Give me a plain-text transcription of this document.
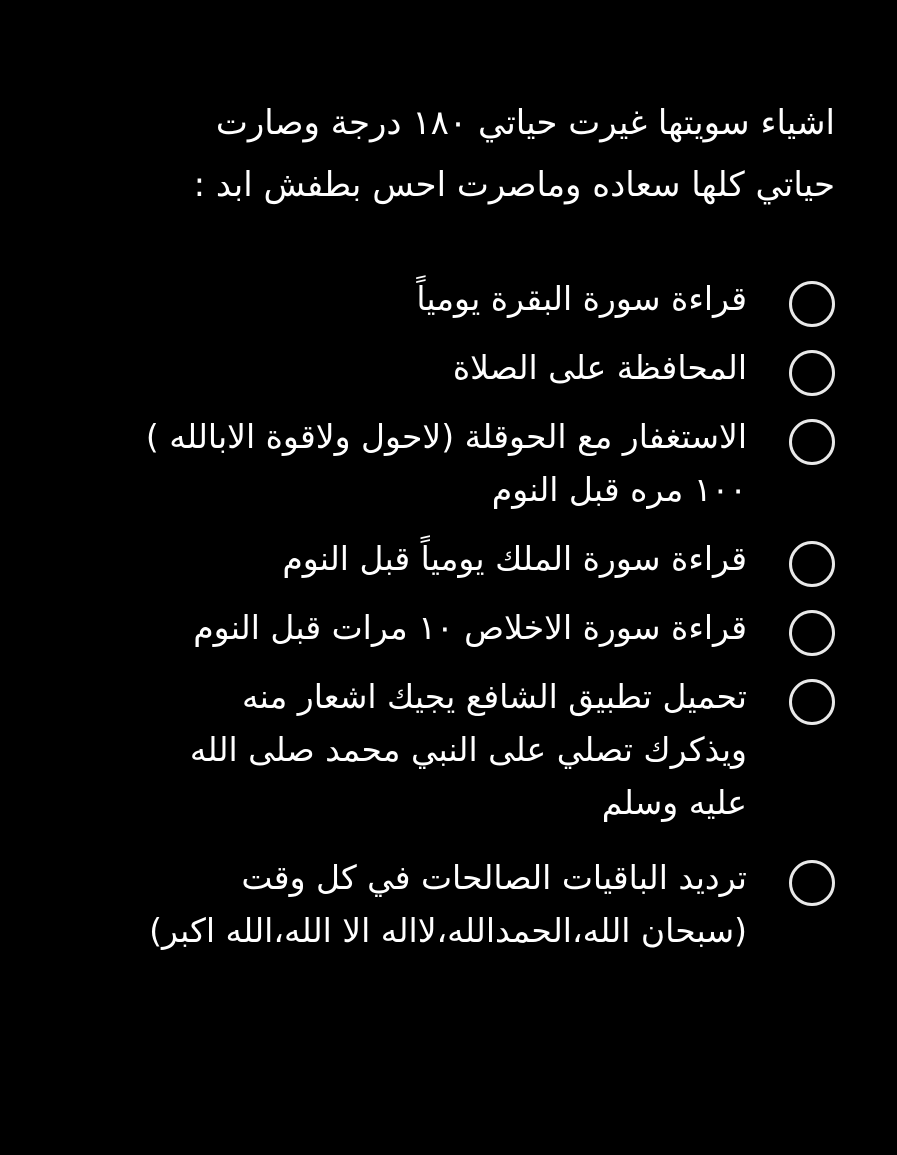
اشياء سويتها غيرت حياتي ١٨٠ درجة وصارت
حياتي كلها سعاده وماصرت احس بطفش ابد :
قراءة سورة البقرة يومياً
المحافظة على الصلاة
الاستغفار مع الحوقلة (لاحول ولاقوة الابالله )
١٠٠ مره قبل النوم
قراءة سورة الملك يومياً قبل النوم
قراءة سورة الاخلاص ١٠ مرات قبل النوم
تحميل تطبيق الشافع يجيك اشعار منه
ويذكرك تصلي على النبي محمد صلى الله
عليه وسلم
ترديد الباقيات الصالحات في كل وقت
(سبحان الله،الحمدالله،لااله الا الله،الله اكبر)
